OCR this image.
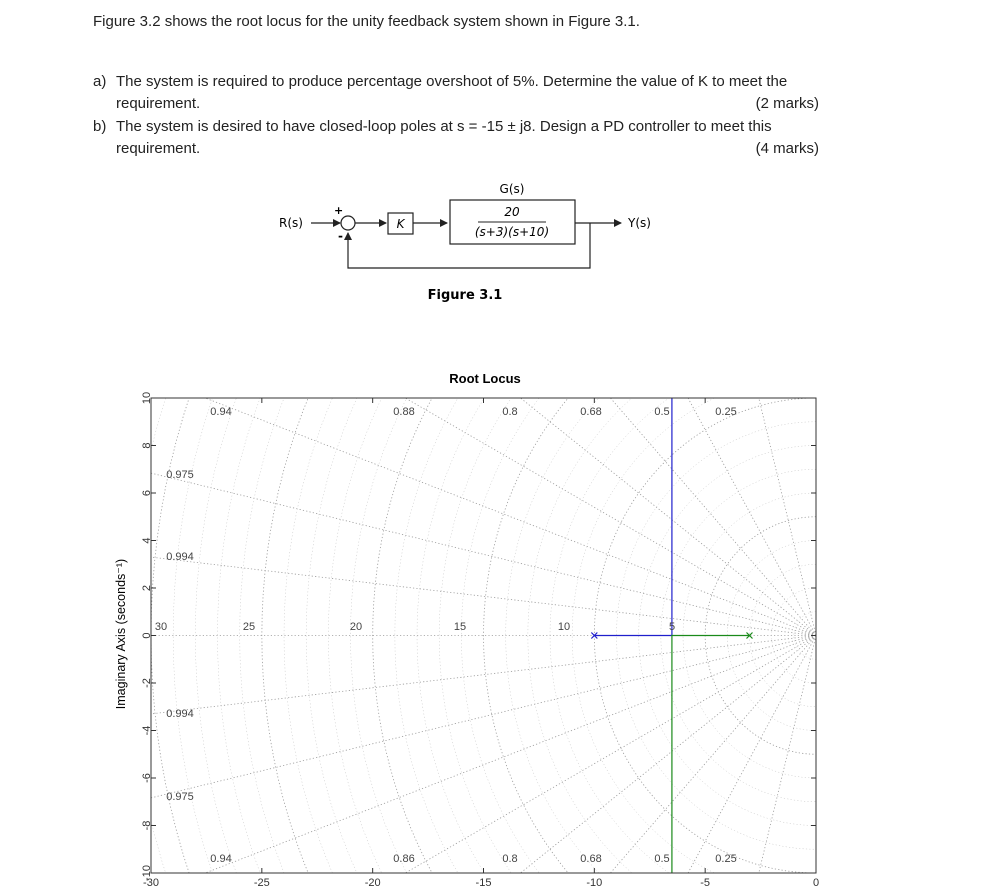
Figure 3.2 shows the root locus for the unity feedback system shown in Figure 3.1.
a) The system is required to produce percentage overshoot of 5%. Determine the value of K to meet the
requirement.	(2 marks)
b) The system is desired to have closed-loop poles at s = -15 ± j8. Design a PD controller to meet this
requirement.	(4 marks)
R(s)
+
-
K
G(s)
20
(s+3)(s+10)
Y(s)
Figure 3.1
Root Locus
Imaginary Axis (seconds⁻¹)
-30	-25	-20	-15	-10	-5	0
10
8
6
4
2
0
-2
-4
-6
-8
-10
0.94	0.88	0.8	0.68	0.5	0.25
0.94	0.86	0.8	0.68	0.5	0.25
0.975
0.994
0.994
0.975
30	25	20	15	10	5
